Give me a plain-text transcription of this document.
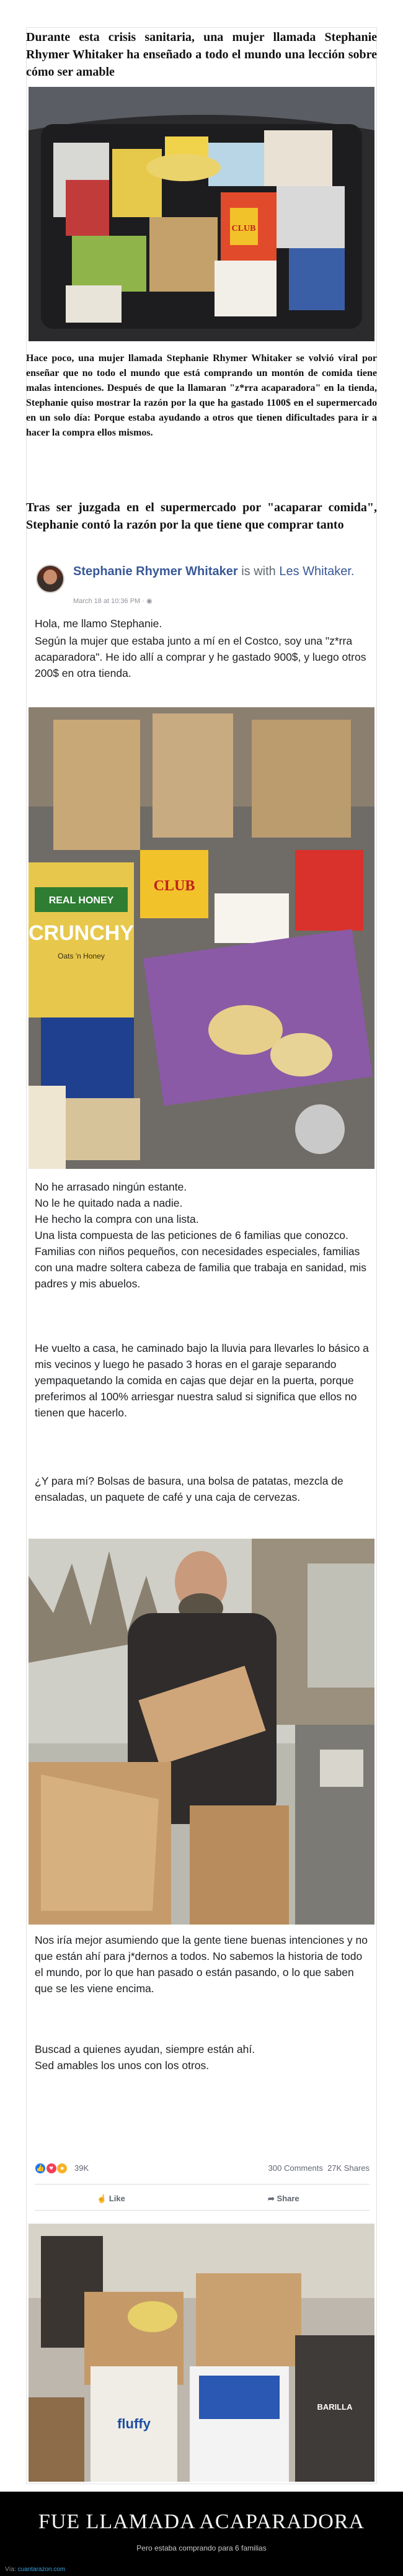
Durante esta crisis sanitaria, una mujer llamada Stephanie Rhymer Whitaker ha enseñado a todo el mundo una lección sobre cómo ser amable

CLUB

Hace poco, una mujer llamada Stephanie Rhymer Whitaker se volvió viral por enseñar que no todo el mundo que está comprando un montón de comida tiene malas intenciones. Después de que la llamaran "z*rra acaparadora" en la tienda, Stephanie quiso mostrar la razón por la que ha gastado 1100$ en el supermercado en un solo día: Porque estaba ayudando a otros que tienen dificultades para ir a hacer la compra ellos mismos.

Tras ser juzgada en el supermercado por "acaparar comida", Stephanie contó la razón por la que tiene que comprar tanto

Stephanie Rhymer Whitaker is with Les Whitaker.
March 18 at 10:36 PM · ◉

Hola, me llamo Stephanie.

Según la mujer que estaba junto a mí en el Costco, soy una "z*rra acaparadora". He ido allí a comprar y he gastado 900$, y luego otros 200$ en otra tienda.

REAL HONEY
CRUNCHY
Oats 'n Honey
CLUB

No he arrasado ningún estante.

No le he quitado nada a nadie.

He hecho la compra con una lista.

Una lista compuesta de las peticiones de 6 familias que conozco. Familias con niños pequeños, con necesidades especiales, familias con una madre soltera cabeza de familia que trabaja en sanidad, mis padres y mis abuelos.

He vuelto a casa, he caminado bajo la lluvia para llevarles lo básico a mis vecinos y luego he pasado 3 horas en el garaje separando yempaquetando la comida en cajas que dejar en la puerta, porque preferimos al 100% arriesgar nuestra salud si significa que ellos no tienen que hacerlo.

¿Y para mí? Bolsas de basura, una bolsa de patatas, mezcla de ensaladas, un paquete de café y una caja de cervezas.

Nos iría mejor asumiendo que la gente tiene buenas intenciones y no que están ahí para j*dernos a todos. No sabemos la historia de todo el mundo, por lo que han pasado o están pasando, o lo que saben que se les viene encima.

Buscad a quienes ayudan, siempre están ahí.

Sed amables los unos con los otros.

👍 ♥ ● 39K	300 Comments 27K Shares
☝ Like	➦ Share
fluffy
BARILLA
FUE LLAMADA ACAPARADORA
Pero estaba comprando para 6 familias
Vía: cuantarazon.com
